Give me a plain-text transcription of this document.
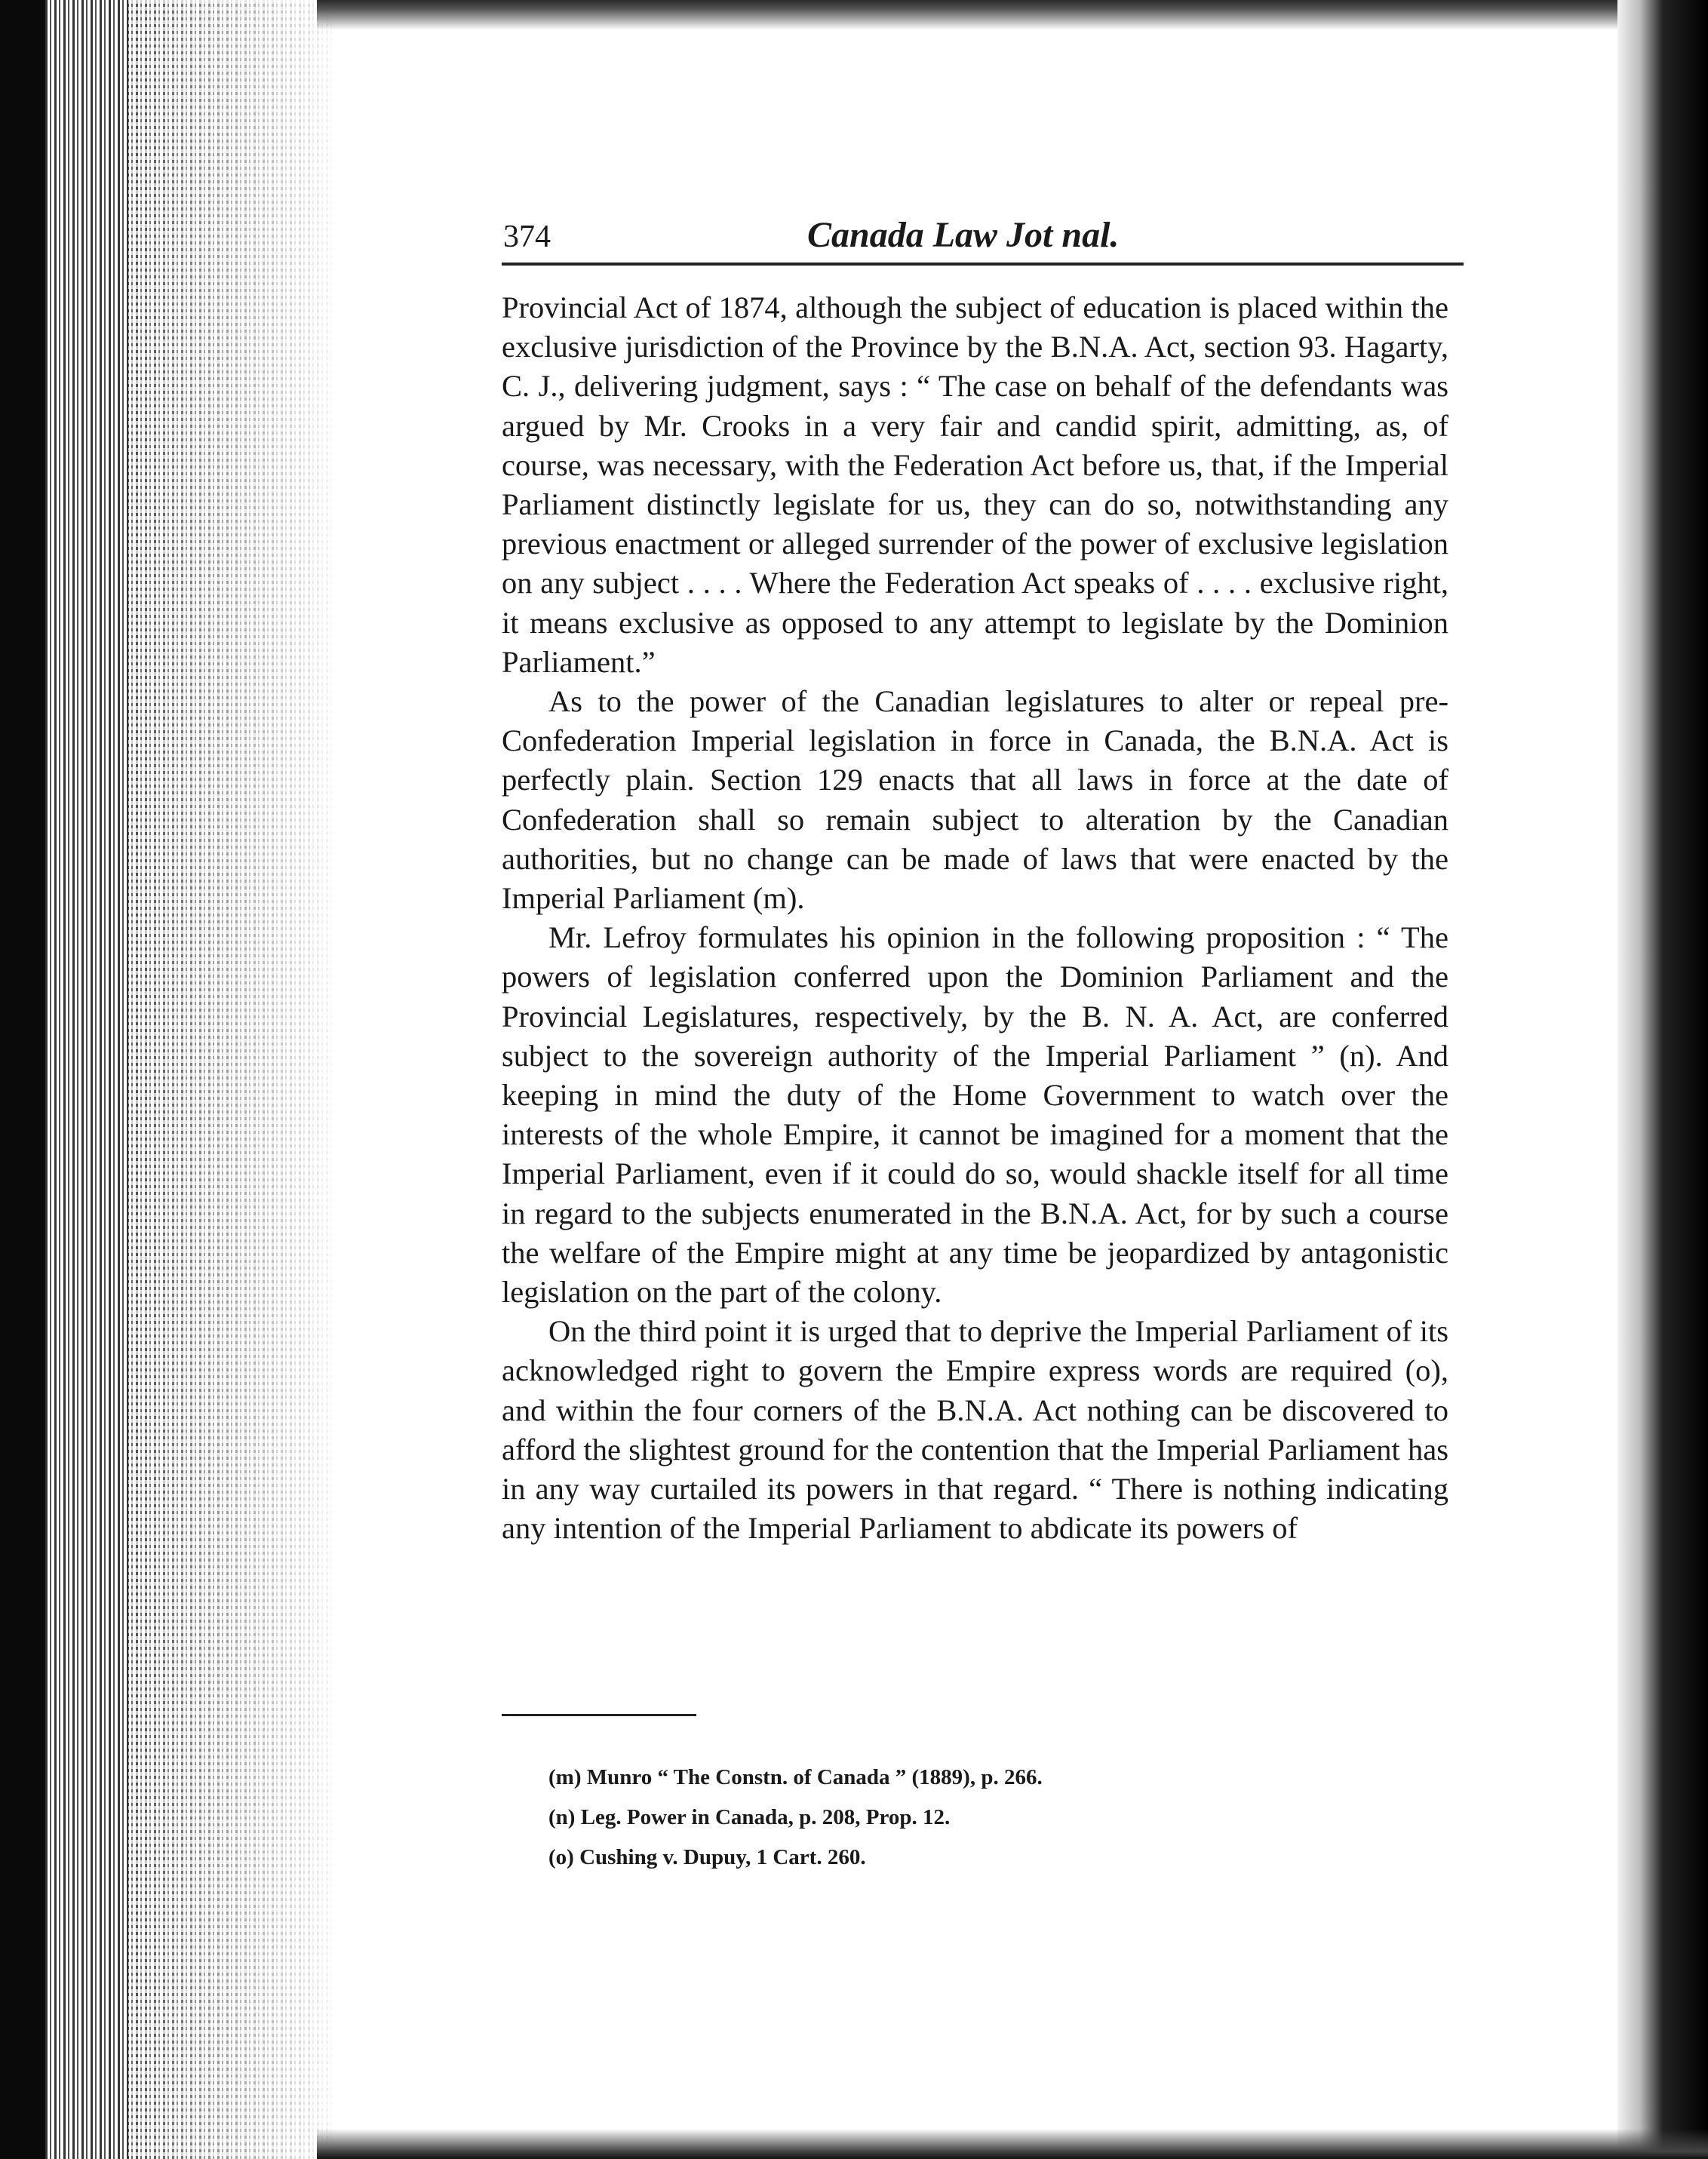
374	Canada Law Jot nal.

Provincial Act of 1874, although the subject of education is placed within the exclusive jurisdiction of the Province by the B.N.A. Act, section 93. Hagarty, C. J., delivering judgment, says : “ The case on behalf of the defendants was argued by Mr. Crooks in a very fair and candid spirit, admitting, as, of course, was necessary, with the Federation Act before us, that, if the Imperial Parliament distinctly legislate for us, they can do so, notwithstanding any previous enactment or alleged surrender of the power of exclusive legislation on any subject . . . . Where the Federation Act speaks of . . . . exclusive right, it means exclusive as opposed to any attempt to legislate by the Dominion Parliament.”

As to the power of the Canadian legislatures to alter or repeal pre-Confederation Imperial legislation in force in Canada, the B.N.A. Act is perfectly plain. Section 129 enacts that all laws in force at the date of Confederation shall so remain subject to alteration by the Canadian authorities, but no change can be made of laws that were enacted by the Imperial Parliament (m).

Mr. Lefroy formulates his opinion in the following proposition : “ The powers of legislation conferred upon the Dominion Parliament and the Provincial Legislatures, respectively, by the B. N. A. Act, are conferred subject to the sovereign authority of the Imperial Parliament ” (n). And keeping in mind the duty of the Home Government to watch over the interests of the whole Empire, it cannot be imagined for a moment that the Imperial Parliament, even if it could do so, would shackle itself for all time in regard to the subjects enumerated in the B.N.A. Act, for by such a course the welfare of the Empire might at any time be jeopardized by antagonistic legislation on the part of the colony.

On the third point it is urged that to deprive the Imperial Parliament of its acknowledged right to govern the Empire express words are required (o), and within the four corners of the B.N.A. Act nothing can be discovered to afford the slightest ground for the contention that the Imperial Parliament has in any way curtailed its powers in that regard. “ There is nothing indicating any intention of the Imperial Parliament to abdicate its powers of

(m) Munro “ The Constn. of Canada ” (1889), p. 266.

(n) Leg. Power in Canada, p. 208, Prop. 12.

(o) Cushing v. Dupuy, 1 Cart. 260.
